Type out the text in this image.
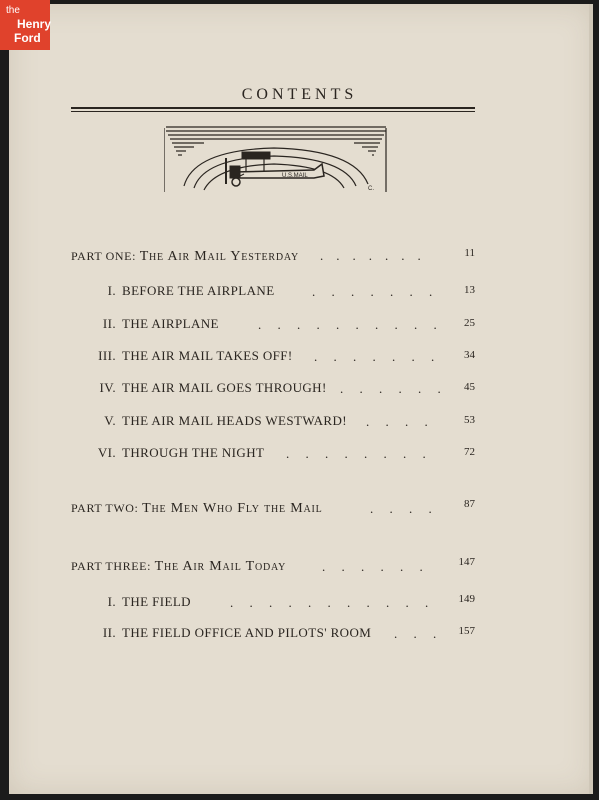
the
Henry
Ford
CONTENTS
U.S.MAIL
C.
PART ONE: The Air Mail Yesterday .    .    .    .    .    .    .	11
I. BEFORE THE AIRPLANE	.     .     .     .     .     .     .	13
II. THE AIRPLANE	.     .     .     .     .     .     .     .     .     . 25
III. THE AIR MAIL TAKES OFF! .     .     .     .     .     .     .	34
IV. THE AIR MAIL GOES THROUGH! .     .     .     .     .     . 45
V. THE AIR MAIL HEADS WESTWARD! .     .     .     .	53
VI. THROUGH THE NIGHT .     .     .     .     .     .     .     .	72
PART TWO: The Men Who Fly the Mail	.     .     .     .	87
PART THREE: The Air Mail Today	.     .     .     .     .     .	147
I. THE FIELD	.     .     .     .     .     .     .     .     .     .     .	149
II. THE FIELD OFFICE AND PILOTS' ROOM .     .     . 157
